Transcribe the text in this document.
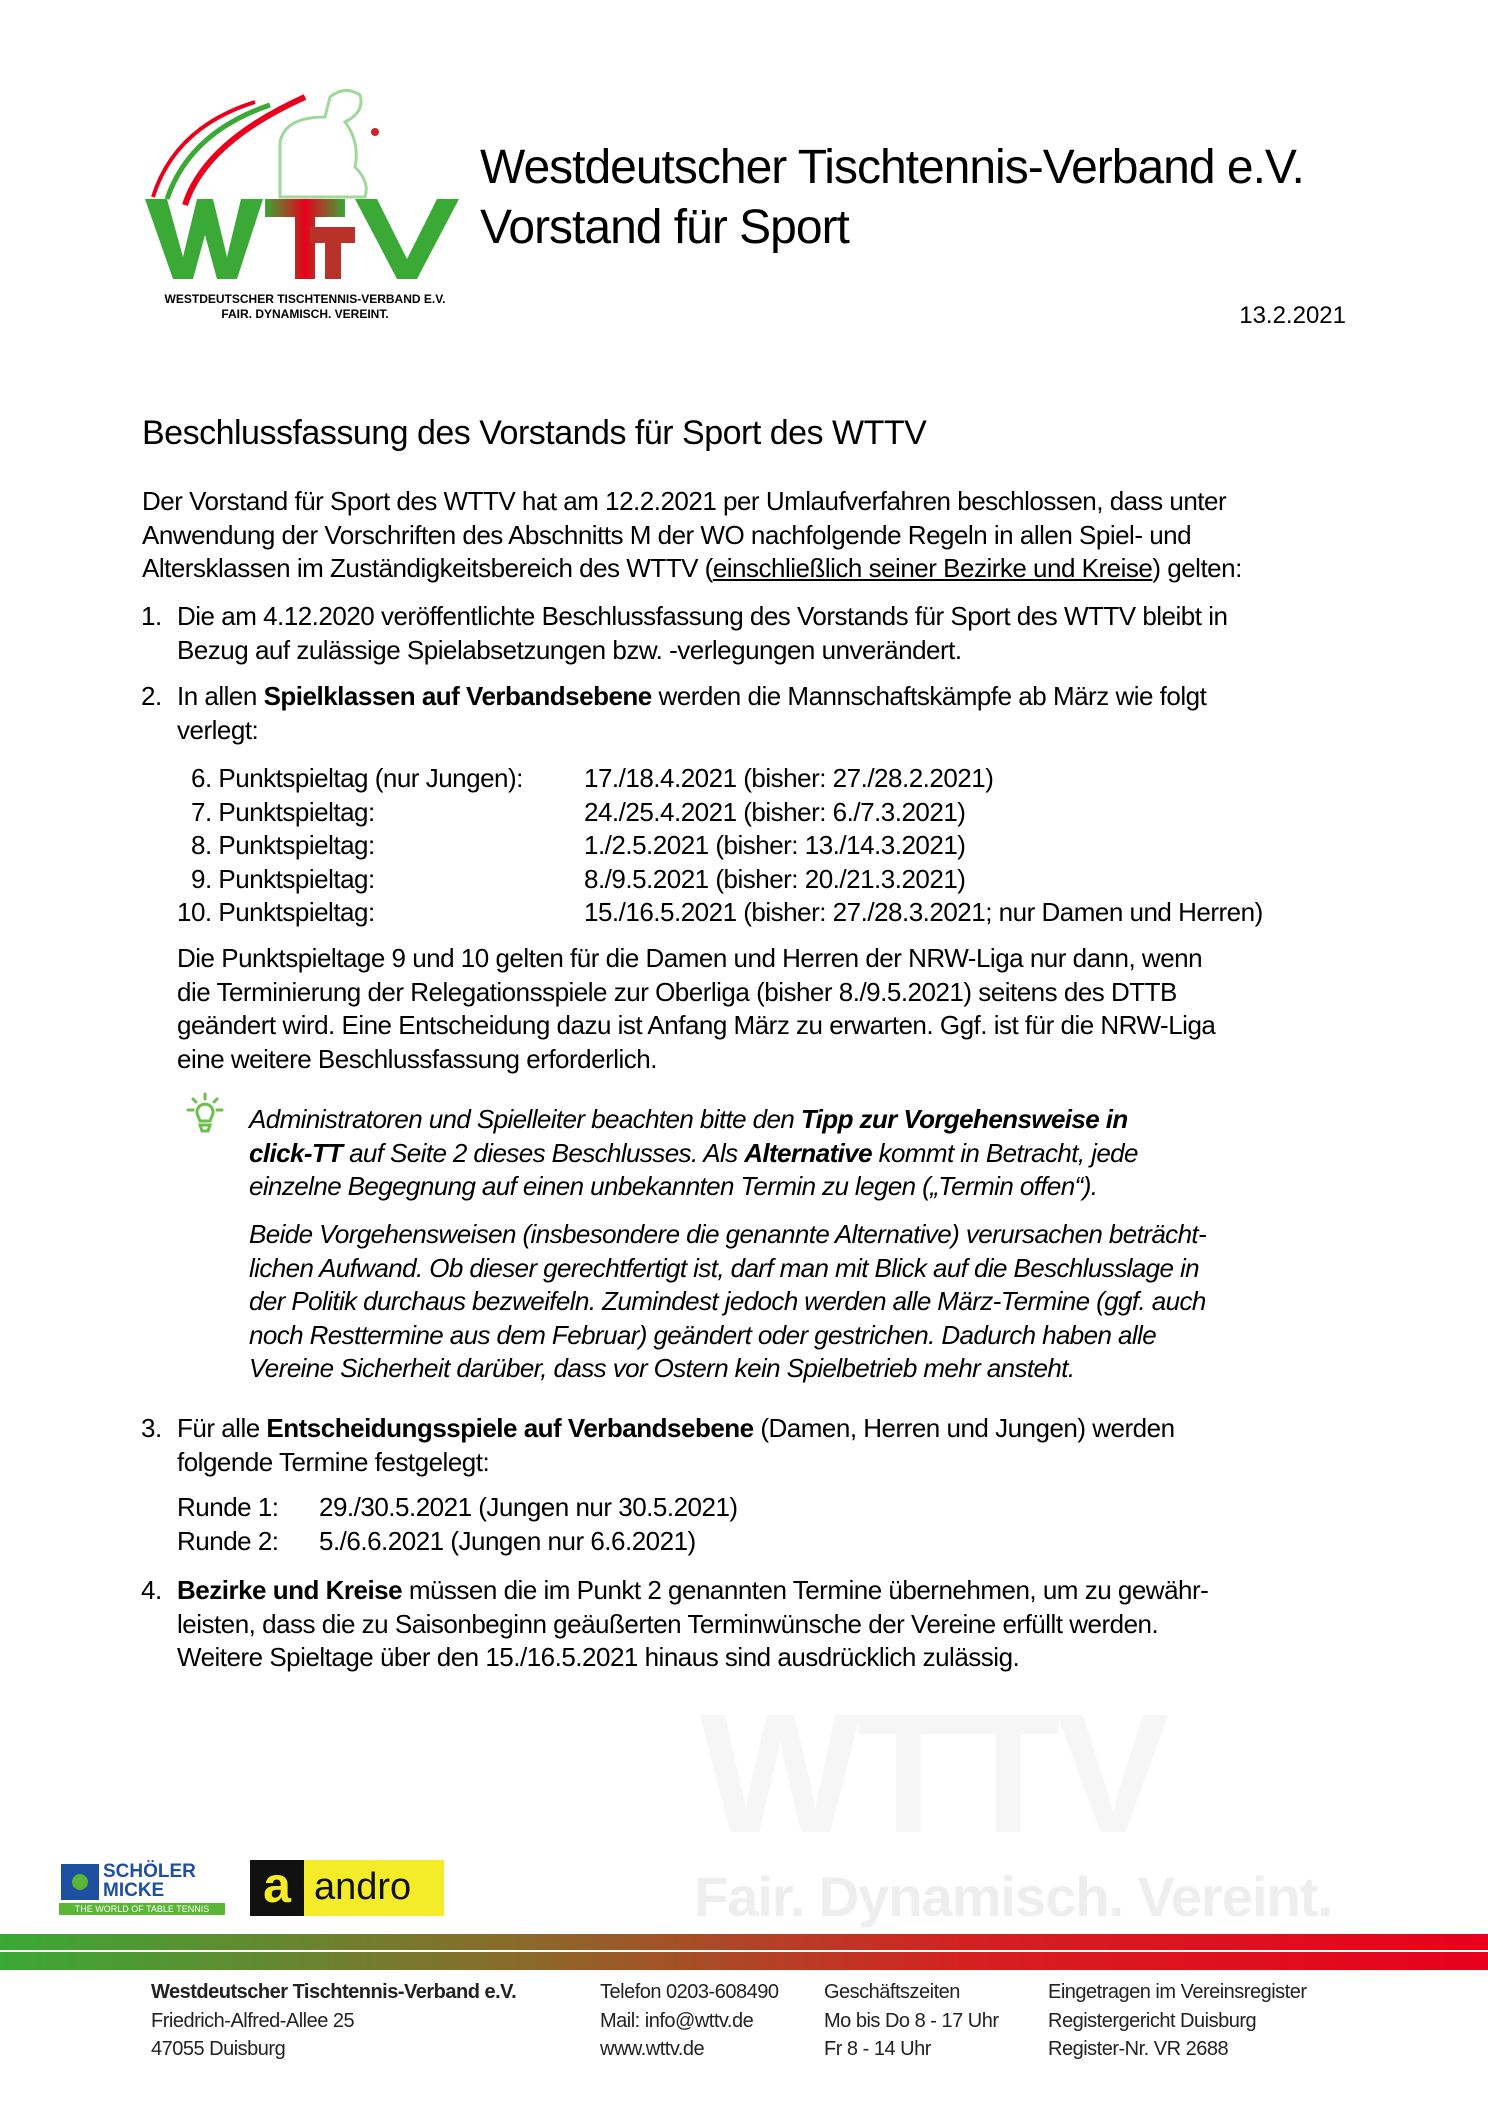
WTTV
Fair. Dynamisch. Vereint.
WESTDEUTSCHER TISCHTENNIS-VERBAND E.V.
FAIR. DYNAMISCH. VEREINT.
Westdeutscher Tischtennis-Verband e.V.
Vorstand für Sport
13.2.2021
Beschlussfassung des Vorstands für Sport des WTTV
Der Vorstand für Sport des WTTV hat am 12.2.2021 per Umlaufverfahren beschlossen, dass unter
Anwendung der Vorschriften des Abschnitts M der WO nachfolgende Regeln in allen Spiel- und
Altersklassen im Zuständigkeitsbereich des WTTV (einschließlich seiner Bezirke und Kreise) gelten:
1. Die am 4.12.2020 veröffentlichte Beschlussfassung des Vorstands für Sport des WTTV bleibt in
Bezug auf zulässige Spielabsetzungen bzw. -verlegungen unverändert.
2. In allen Spielklassen auf Verbandsebene werden die Mannschaftskämpfe ab März wie folgt
verlegt:
6. Punktspieltag (nur Jungen):	17./18.4.2021 (bisher: 27./28.2.2021)
7. Punktspieltag:	24./25.4.2021 (bisher: 6./7.3.2021)
8. Punktspieltag:	1./2.5.2021 (bisher: 13./14.3.2021)
9. Punktspieltag:	8./9.5.2021 (bisher: 20./21.3.2021)
10. Punktspieltag:	15./16.5.2021 (bisher: 27./28.3.2021; nur Damen und Herren)
Die Punktspieltage 9 und 10 gelten für die Damen und Herren der NRW-Liga nur dann, wenn
die Terminierung der Relegationsspiele zur Oberliga (bisher 8./9.5.2021) seitens des DTTB
geändert wird. Eine Entscheidung dazu ist Anfang März zu erwarten. Ggf. ist für die NRW-Liga
eine weitere Beschlussfassung erforderlich.
Administratoren und Spielleiter beachten bitte den Tipp zur Vorgehensweise in
click-TT auf Seite 2 dieses Beschlusses. Als Alternative kommt in Betracht, jede
einzelne Begegnung auf einen unbekannten Termin zu legen („Termin offen“).
Beide Vorgehensweisen (insbesondere die genannte Alternative) verursachen beträcht-
lichen Aufwand. Ob dieser gerechtfertigt ist, darf man mit Blick auf die Beschlusslage in
der Politik durchaus bezweifeln. Zumindest jedoch werden alle März-Termine (ggf. auch
noch Resttermine aus dem Februar) geändert oder gestrichen. Dadurch haben alle
Vereine Sicherheit darüber, dass vor Ostern kein Spielbetrieb mehr ansteht.
3. Für alle Entscheidungsspiele auf Verbandsebene (Damen, Herren und Jungen) werden
folgende Termine festgelegt:
Runde 1:	29./30.5.2021 (Jungen nur 30.5.2021)
Runde 2:	5./6.6.2021 (Jungen nur 6.6.2021)
4. Bezirke und Kreise müssen die im Punkt 2 genannten Termine übernehmen, um zu gewähr-
leisten, dass die zu Saisonbeginn geäußerten Terminwünsche der Vereine erfüllt werden.
Weitere Spieltage über den 15./16.5.2021 hinaus sind ausdrücklich zulässig.
SCHÖLER
MICKE
THE WORLD OF TABLE TENNIS	a andro
Westdeutscher Tischtennis-Verband e.V.
Friedrich-Alfred-Allee 25
47055 Duisburg
Telefon 0203-608490
Mail: info@wttv.de
www.wttv.de
Geschäftszeiten
Mo bis Do 8 - 17 Uhr
Fr 8 - 14 Uhr
Eingetragen im Vereinsregister
Registergericht Duisburg
Register-Nr. VR 2688
